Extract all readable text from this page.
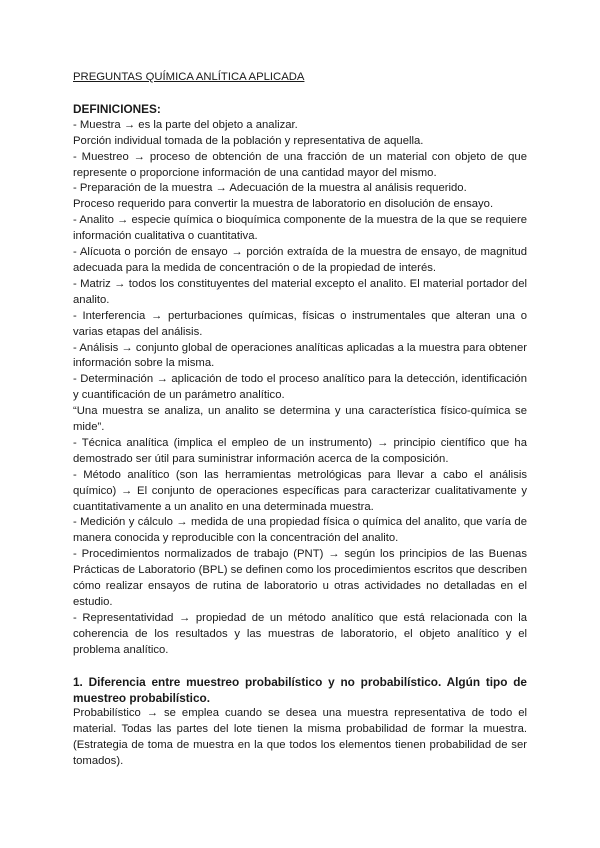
PREGUNTAS QUÍMICA ANLÍTICA APLICADA

DEFINICIONES:

- Muestra → es la parte del objeto a analizar.

Porción individual tomada de la población y representativa de aquella.

- Muestreo → proceso de obtención de una fracción de un material con objeto de que represente o proporcione información de una cantidad mayor del mismo.

- Preparación de la muestra → Adecuación de la muestra al análisis requerido.

Proceso requerido para convertir la muestra de laboratorio en disolución de ensayo.

- Analito → especie química o bioquímica componente de la muestra de la que se requiere información cualitativa o cuantitativa.

- Alícuota o porción de ensayo → porción extraída de la muestra de ensayo, de magnitud adecuada para la medida de concentración o de la propiedad de interés.

- Matriz → todos los constituyentes del material excepto el analito. El material portador del analito.

- Interferencia → perturbaciones químicas, físicas o instrumentales que alteran una o varias etapas del análisis.

- Análisis → conjunto global de operaciones analíticas aplicadas a la muestra para obtener información sobre la misma.

- Determinación → aplicación de todo el proceso analítico para la detección, identificación y cuantificación de un parámetro analítico.

“Una muestra se analiza, un analito se determina y una característica físico-química se mide”.

- Técnica analítica (implica el empleo de un instrumento) → principio científico que ha demostrado ser útil para suministrar información acerca de la composición.

- Método analítico (son las herramientas metrológicas para llevar a cabo el análisis químico) → El conjunto de operaciones específicas para caracterizar cualitativamente y cuantitativamente a un analito en una determinada muestra.

- Medición y cálculo → medida de una propiedad física o química del analito, que varía de manera conocida y reproducible con la concentración del analito.

- Procedimientos normalizados de trabajo (PNT) → según los principios de las Buenas Prácticas de Laboratorio (BPL) se definen como los procedimientos escritos que describen cómo realizar ensayos de rutina de laboratorio u otras actividades no detalladas en el estudio.

- Representatividad → propiedad de un método analítico que está relacionada con la coherencia de los resultados y las muestras de laboratorio, el objeto analítico y el problema analítico.

1. Diferencia entre muestreo probabilístico y no probabilístico. Algún tipo de muestreo probabilístico.

Probabilístico → se emplea cuando se desea una muestra representativa de todo el material. Todas las partes del lote tienen la misma probabilidad de formar la muestra. (Estrategia de toma de muestra en la que todos los elementos tienen probabilidad de ser tomados).
